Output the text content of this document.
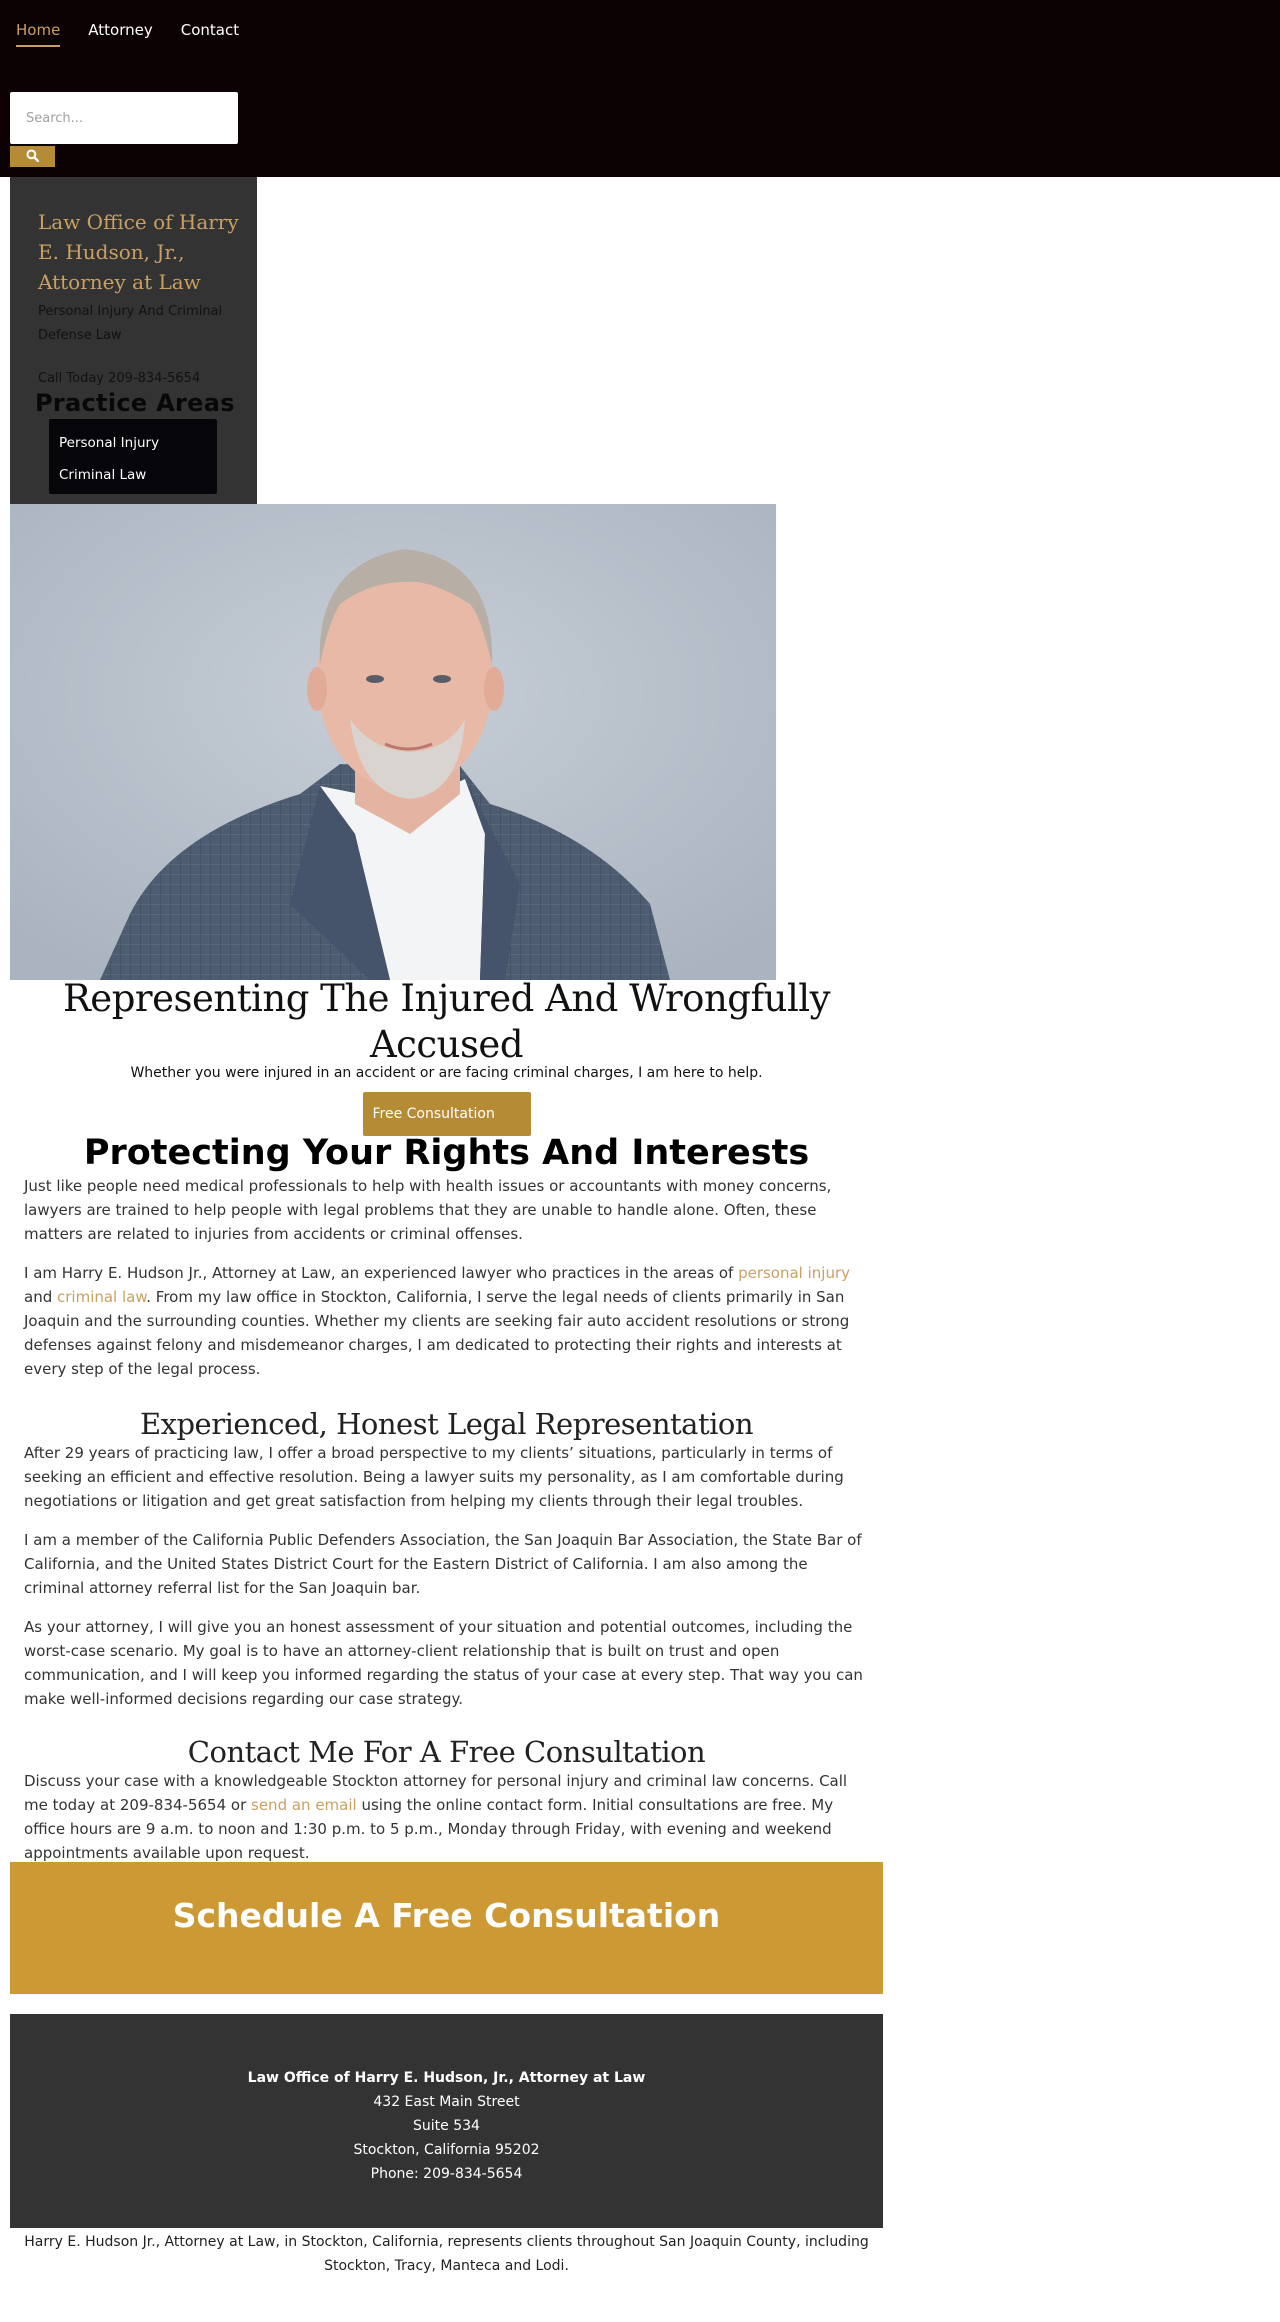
Home Attorney Contact
Search...
Law Office of Harry E. Hudson, Jr., Attorney at Law
Personal Injury And Criminal Defense Law
Call Today 209-834-5654
Practice Areas
Personal Injury
Criminal Law
Representing The Injured And Wrongfully Accused

Whether you were injured in an accident or are facing criminal charges, I am here to help.

Free Consultation
Protecting Your Rights And Interests

Just like people need medical professionals to help with health issues or accountants with money concerns, lawyers are trained to help people with legal problems that they are unable to handle alone. Often, these matters are related to injuries from accidents or criminal offenses.

I am Harry E. Hudson Jr., Attorney at Law, an experienced lawyer who practices in the areas of personal injury and criminal law. From my law office in Stockton, California, I serve the legal needs of clients primarily in San Joaquin and the surrounding counties. Whether my clients are seeking fair auto accident resolutions or strong defenses against felony and misdemeanor charges, I am dedicated to protecting their rights and interests at every step of the legal process.

Experienced, Honest Legal Representation

After 29 years of practicing law, I offer a broad perspective to my clients’ situations, particularly in terms of seeking an efficient and effective resolution. Being a lawyer suits my personality, as I am comfortable during negotiations or litigation and get great satisfaction from helping my clients through their legal troubles.

I am a member of the California Public Defenders Association, the San Joaquin Bar Association, the State Bar of California, and the United States District Court for the Eastern District of California. I am also among the criminal attorney referral list for the San Joaquin bar.

As your attorney, I will give you an honest assessment of your situation and potential outcomes, including the worst-case scenario. My goal is to have an attorney-client relationship that is built on trust and open communication, and I will keep you informed regarding the status of your case at every step. That way you can make well-informed decisions regarding our case strategy.

Contact Me For A Free Consultation

Discuss your case with a knowledgeable Stockton attorney for personal injury and criminal law concerns. Call me today at 209-834-5654 or send an email using the online contact form. Initial consultations are free. My office hours are 9 a.m. to noon and 1:30 p.m. to 5 p.m., Monday through Friday, with evening and weekend appointments available upon request.

Schedule A Free Consultation
Law Office of Harry E. Hudson, Jr., Attorney at Law
432 East Main Street
Suite 534
Stockton, California 95202
Phone: 209-834-5654

Harry E. Hudson Jr., Attorney at Law, in Stockton, California, represents clients throughout San Joaquin County, including Stockton, Tracy, Manteca and Lodi.
